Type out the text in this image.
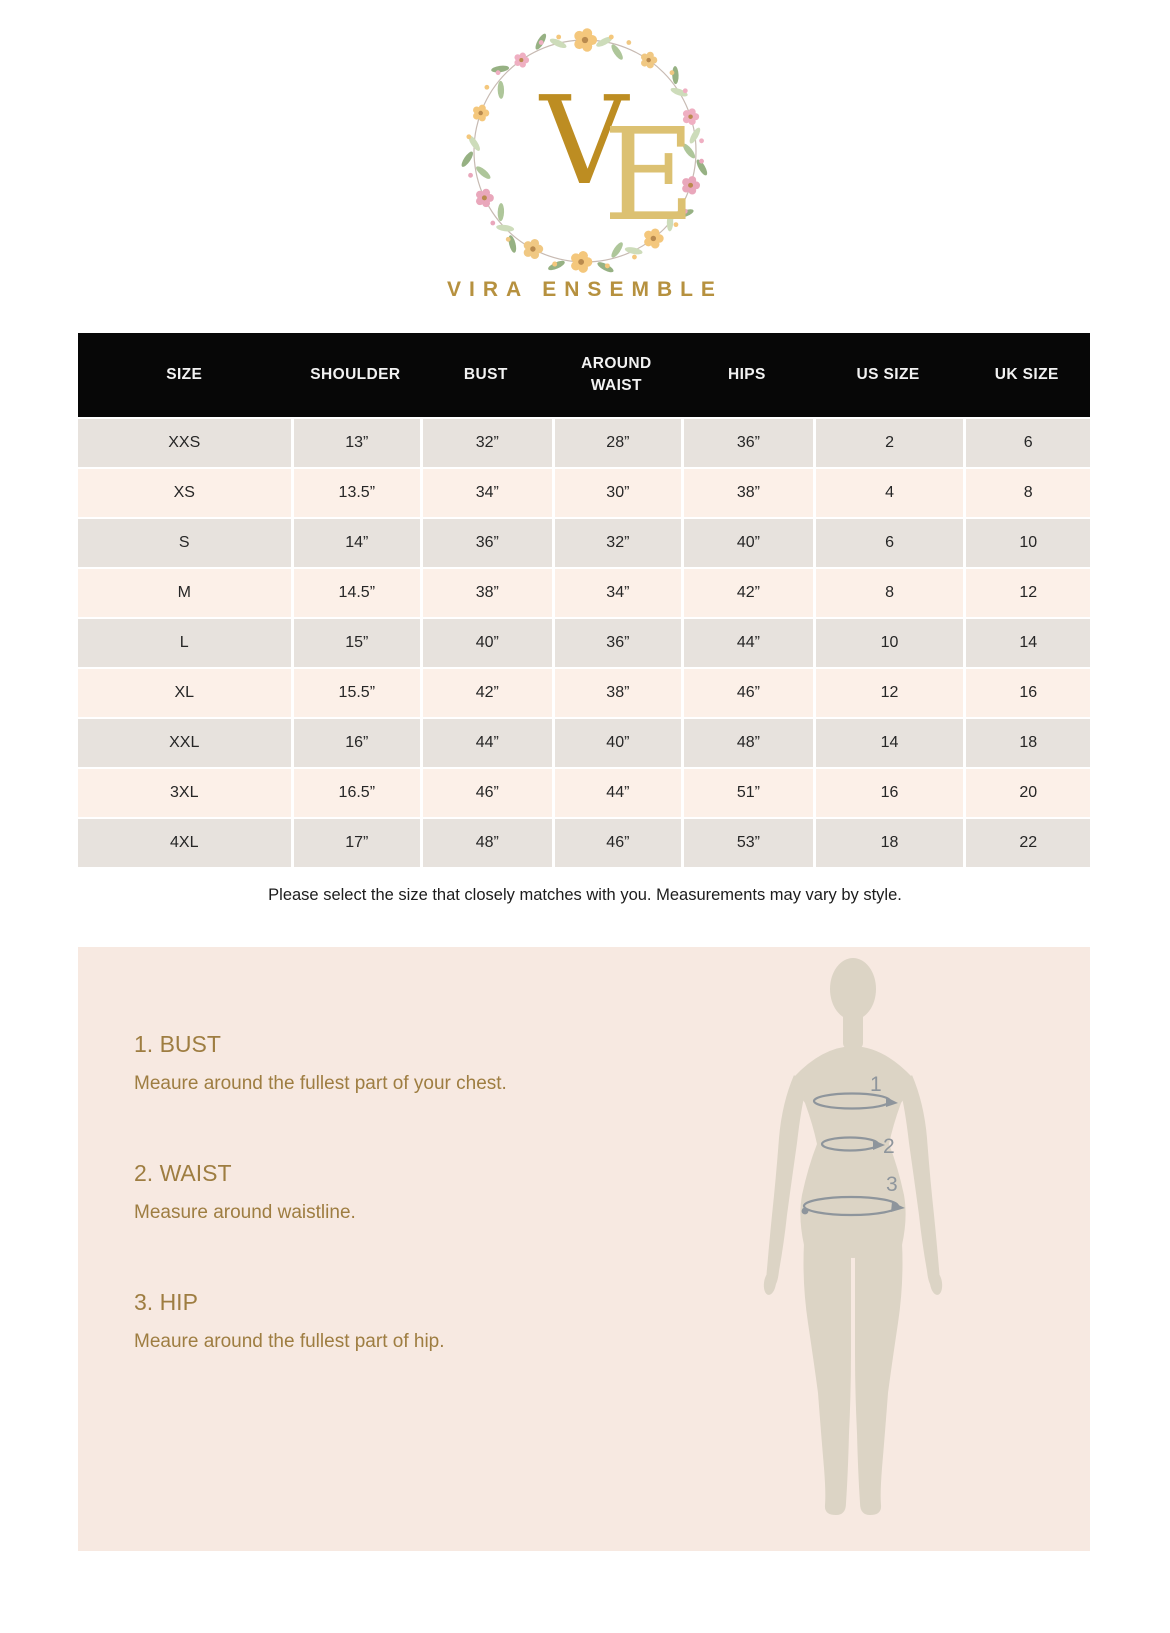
V
E
VIRA ENSEMBLE
SIZE	SHOULDER	BUST	AROUND WAIST	HIPS	US SIZE	UK SIZE
XXS	13”	32”	28”	36”	2	6
XS	13.5”	34”	30”	38”	4	8
S	14”	36”	32”	40”	6	10
M	14.5”	38”	34”	42”	8	12
L	15”	40”	36”	44”	10	14
XL	15.5”	42”	38”	46”	12	16
XXL	16”	44”	40”	48”	14	18
3XL	16.5”	46”	44”	51”	16	20
4XL	17”	48”	46”	53”	18	22

Please select the size that closely matches with you. Measurements may vary by style.

1. BUST

Meaure around the fullest part of your chest.

2. WAIST

Measure around waistline.

3. HIP

Meaure around the fullest part of hip.

1
2
3
